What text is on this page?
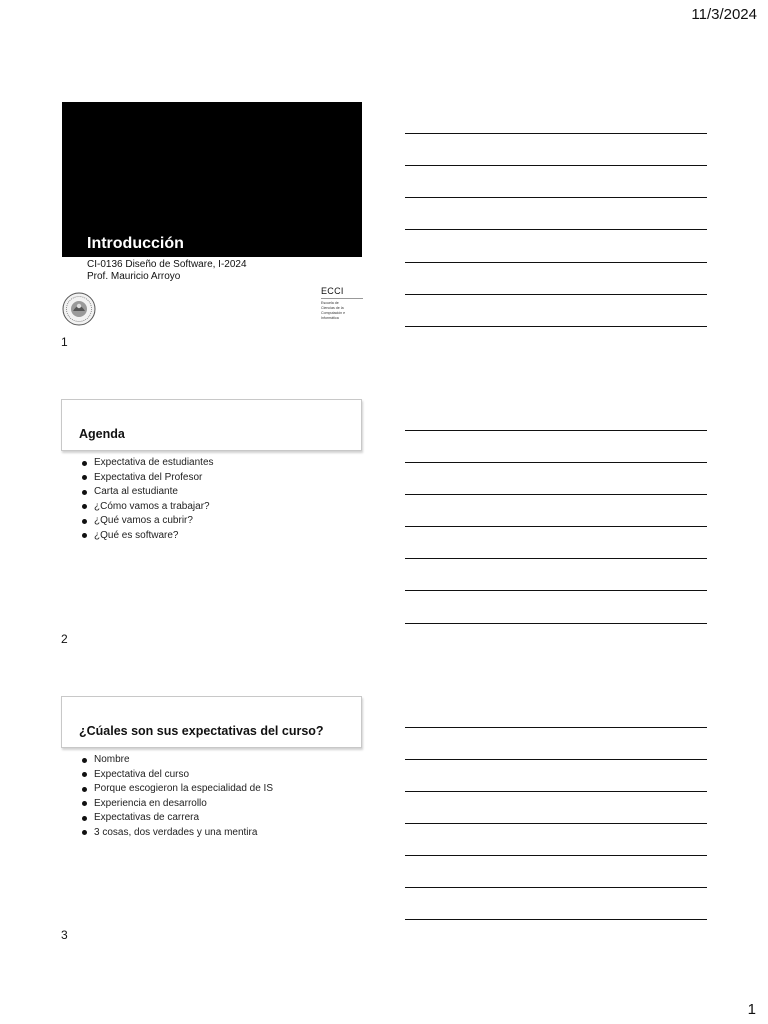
11/3/2024
1
Introducción
CI-0136 Diseño de Software, I-2024
Prof. Mauricio Arroyo
ECCI
Escuela de
Ciencias de la
Computación e
Informática
1
Agenda
Expectativa de estudiantes
Expectativa del Profesor
Carta al estudiante
¿Cómo vamos a trabajar?
¿Qué vamos a cubrir?
¿Qué es software?
2
¿Cúales son sus expectativas del curso?
Nombre
Expectativa del curso
Porque escogieron la especialidad de IS
Experiencia en desarrollo
Expectativas de carrera
3 cosas, dos verdades y una mentira
3
